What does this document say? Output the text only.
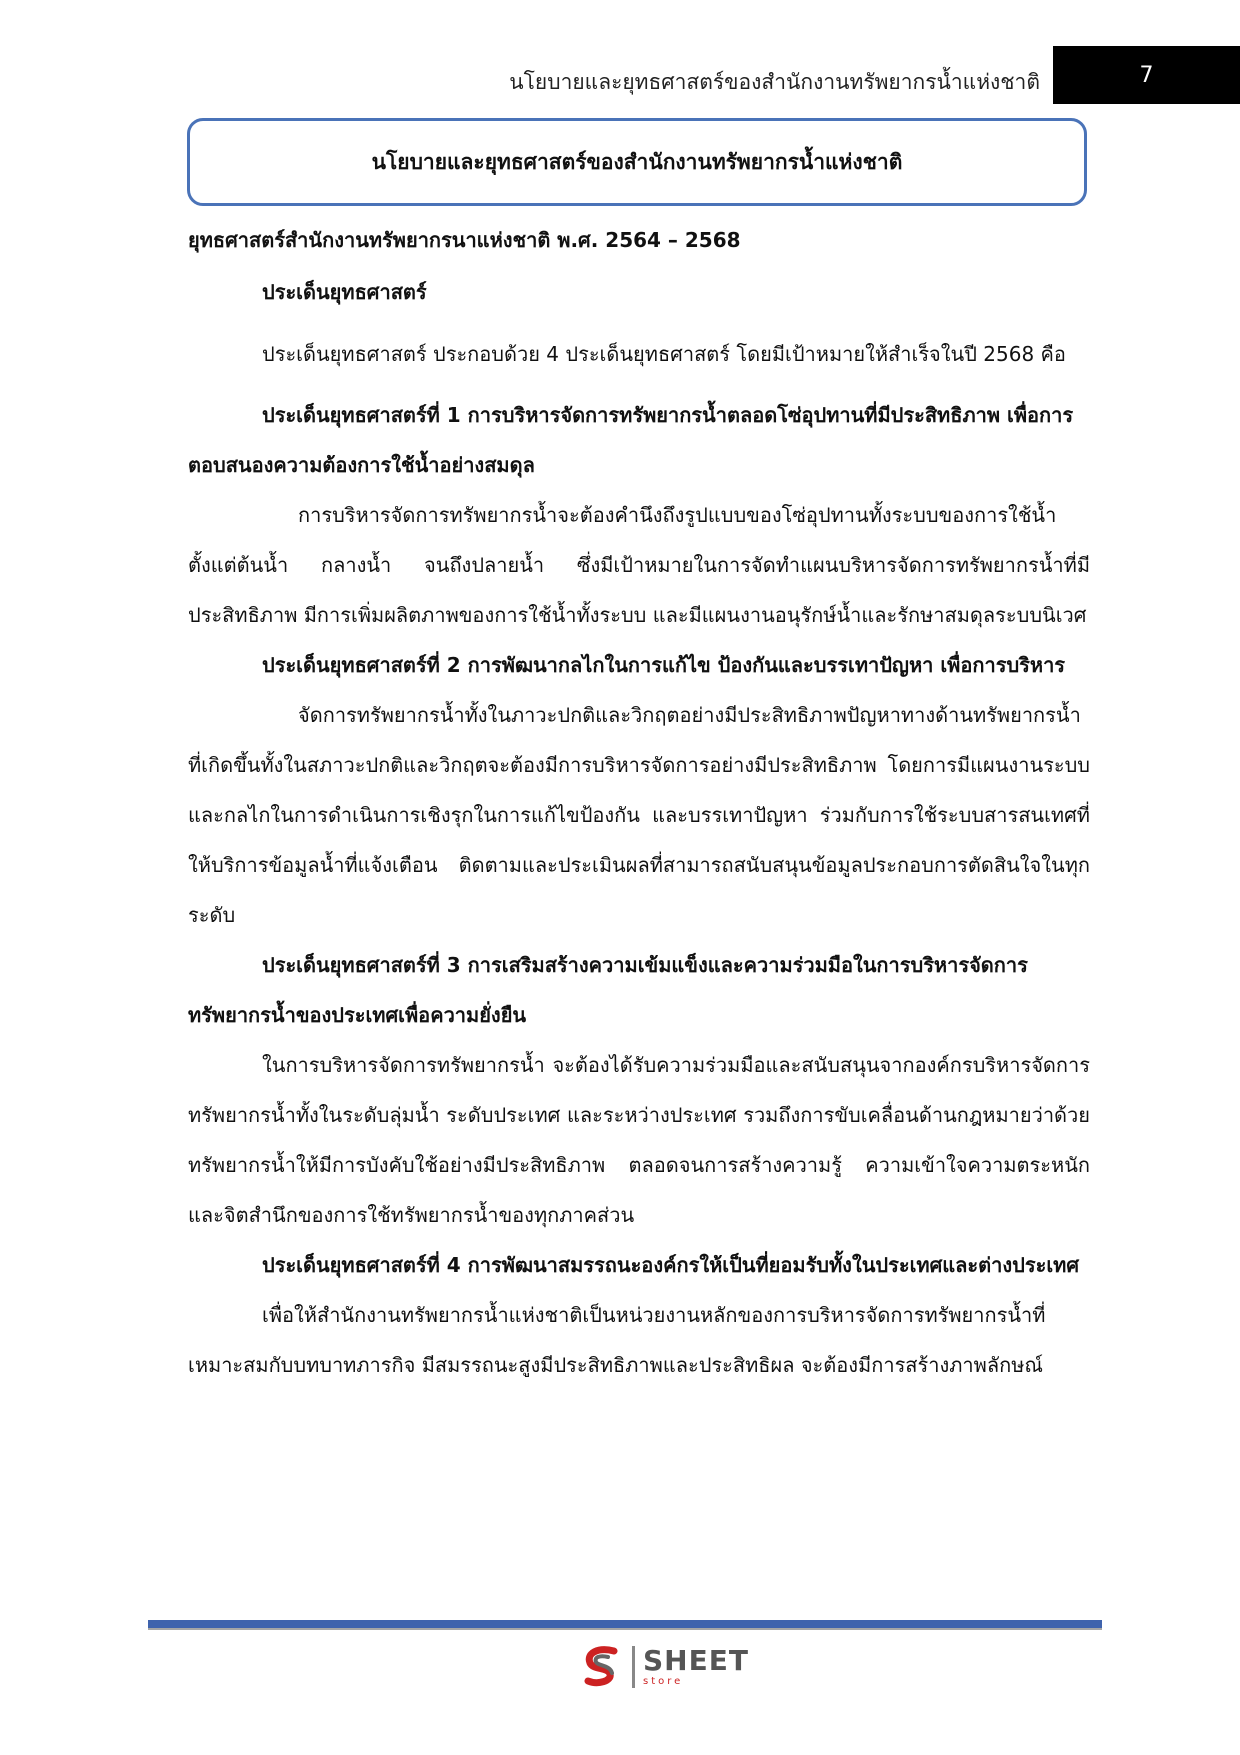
นโยบายและยุทธศาสตร์ของสำนักงานทรัพยากรน้ำแห่งชาติ	7
นโยบายและยุทธศาสตร์ของสำนักงานทรัพยากรน้ำแห่งชาติ

ยุทธศาสตร์สำนักงานทรัพยากรนาแห่งชาติ พ.ศ. 2564 – 2568

ประเด็นยุทธศาสตร์

ประเด็นยุทธศาสตร์ ประกอบด้วย 4 ประเด็นยุทธศาสตร์ โดยมีเป้าหมายให้สำเร็จในปี 2568 คือ

ประเด็นยุทธศาสตร์ที่ 1 การบริหารจัดการทรัพยากรน้ำตลอดโซ่อุปทานที่มีประสิทธิภาพ เพื่อการตอบสนองความต้องการใช้น้ำอย่างสมดุล

การบริหารจัดการทรัพยากรน้ำจะต้องคำนึงถึงรูปแบบของโซ่อุปทานทั้งระบบของการใช้น้ำตั้งแต่ต้นน้ำ กลางน้ำ จนถึงปลายน้ำ ซึ่งมีเป้าหมายในการจัดทำแผนบริหารจัดการทรัพยากรน้ำที่มีประสิทธิภาพ มีการเพิ่มผลิตภาพของการใช้น้ำทั้งระบบ และมีแผนงานอนุรักษ์น้ำและรักษาสมดุลระบบนิเวศ

ประเด็นยุทธศาสตร์ที่ 2 การพัฒนากลไกในการแก้ไข ป้องกันและบรรเทาปัญหา เพื่อการบริหาร

จัดการทรัพยากรน้ำทั้งในภาวะปกติและวิกฤตอย่างมีประสิทธิภาพปัญหาทางด้านทรัพยากรน้ำที่เกิดขึ้นทั้งในสภาวะปกติและวิกฤตจะต้องมีการบริหารจัดการอย่างมีประสิทธิภาพ โดยการมีแผนงานระบบและกลไกในการดำเนินการเชิงรุกในการแก้ไขป้องกัน และบรรเทาปัญหา ร่วมกับการใช้ระบบสารสนเทศที่ให้บริการข้อมูลน้ำที่แจ้งเตือน ติดตามและประเมินผลที่สามารถสนับสนุนข้อมูลประกอบการตัดสินใจในทุกระดับ

ประเด็นยุทธศาสตร์ที่ 3 การเสริมสร้างความเข้มแข็งและความร่วมมือในการบริหารจัดการทรัพยากรน้ำของประเทศเพื่อความยั่งยืน

ในการบริหารจัดการทรัพยากรน้ำ จะต้องได้รับความร่วมมือและสนับสนุนจากองค์กรบริหารจัดการทรัพยากรน้ำทั้งในระดับลุ่มน้ำ ระดับประเทศ และระหว่างประเทศ รวมถึงการขับเคลื่อนด้านกฎหมายว่าด้วยทรัพยากรน้ำให้มีการบังคับใช้อย่างมีประสิทธิภาพ ตลอดจนการสร้างความรู้ ความเข้าใจความตระหนัก และจิตสำนึกของการใช้ทรัพยากรน้ำของทุกภาคส่วน

ประเด็นยุทธศาสตร์ที่ 4 การพัฒนาสมรรถนะองค์กรให้เป็นที่ยอมรับทั้งในประเทศและต่างประเทศ

เพื่อให้สำนักงานทรัพยากรน้ำแห่งชาติเป็นหน่วยงานหลักของการบริหารจัดการทรัพยากรน้ำที่เหมาะสมกับบทบาทภารกิจ มีสมรรถนะสูงมีประสิทธิภาพและประสิทธิผล จะต้องมีการสร้างภาพลักษณ์

SHEET
store
